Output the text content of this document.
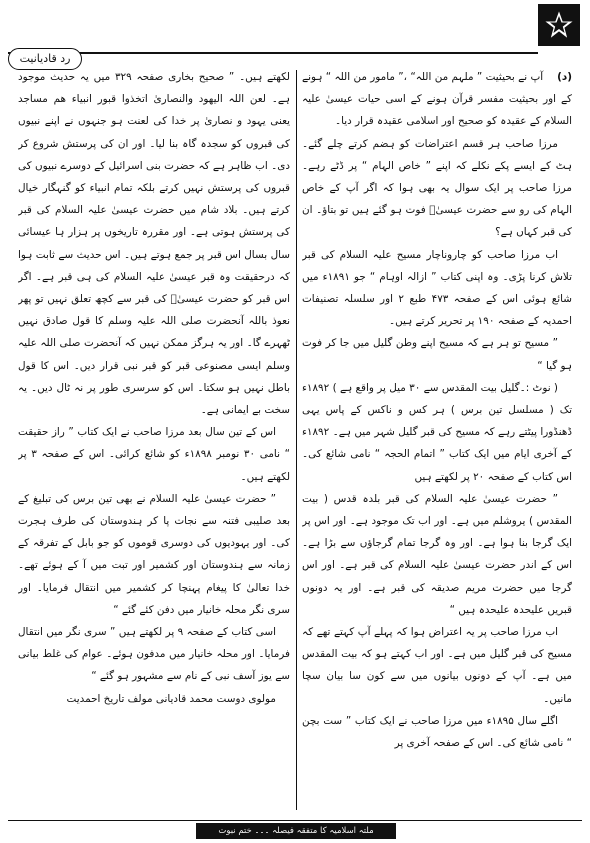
رد قادیانیت

(د)آپ نے بحیثیت ” ملہم من اللہ“ ،” مامور من اللہ “ ہونے کے اور بحیثیت مفسر قرآن ہونے کے اسی حیات عیسیٰ علیہ السلام کے عقیدہ کو صحیح اور اسلامی عقیدہ قرار دیا۔

مرزا صاحب ہر قسم اعتراضات کو ہضم کرتے چلے گئے۔ ہٹ کے ایسے پکے نکلے کہ اپنے ” خاص الہام “ پر ڈٹے رہے۔ مرزا صاحب پر ایک سوال یہ بھی ہوا کہ اگر آپ کے خاص الہام کی رو سے حضرت عیسیٰؑ فوت ہو گئے ہیں تو بتاؤ۔ ان کی قبر کہاں ہے؟

اب مرزا صاحب کو چاروناچار مسیح علیہ السلام کی قبر تلاش کرنا پڑی۔ وہ اپنی کتاب ” ازالہ اوہام “ جو ۱۸۹۱ء میں شائع ہوئی اس کے صفحہ ۴۷۳ طبع ۲ اور سلسلہ تصنیفات احمدیہ کے صفحہ ۱۹۰ پر تحریر کرتے ہیں۔

” مسیح تو ہر ہے کہ مسیح اپنے وطن گلیل میں جا کر فوت ہو گیا “

( نوٹ :۔گلیل بیت المقدس سے ۳۰ میل پر واقع ہے ) ۱۸۹۲ء تک ( مسلسل تین برس ) ہر کس و ناکس کے پاس یہی ڈھنڈورا پیٹتے رہے کہ مسیح کی قبر گلیل شہر میں ہے۔ ۱۸۹۲ء کے آخری ایام میں ایک کتاب ” اتمام الحجہ “ نامی شائع کی۔ اس کتاب کے صفحہ ۲۰ پر لکھتے ہیں

” حضرت عیسیٰ علیہ السلام کی قبر بلدہ قدس ( بیت المقدس ) یروشلم میں ہے۔ اور اب تک موجود ہے۔ اور اس پر ایک گرجا بنا ہوا ہے۔ اور وہ گرجا تمام گرجاؤں سے بڑا ہے۔ اس کے اندر حضرت عیسیٰ علیہ السلام کی قبر ہے۔ اور اس گرجا میں حضرت مریم صدیقہ کی قبر ہے۔ اور یہ دونوں قبریں علیحدہ علیحدہ ہیں “

اب مرزا صاحب پر یہ اعتراض ہوا کہ پہلے آپ کہتے تھے کہ مسیح کی قبر گلیل میں ہے۔ اور اب کہتے ہو کہ بیت المقدس میں ہے۔ آپ کے دونوں بیانوں میں سے کون سا بیان سچا مانیں۔

اگلے سال ۱۸۹۵ء میں مرزا صاحب نے ایک کتاب ” ست بچن “ نامی شائع کی۔ اس کے صفحہ آخری پر

لکھتے ہیں۔ ” صحیح بخاری صفحہ ۳۲۹ میں یہ حدیث موجود ہے۔ لعن اللہ الیھود والنصاریٰ اتخذوا قبور انبیاء ھم مساجد یعنی یہود و نصاریٰ پر خدا کی لعنت ہو جنہوں نے اپنے نبیوں کی قبروں کو سجدہ گاہ بنا لیا۔ اور ان کی پرستش شروع کر دی۔ اب ظاہر ہے کہ حضرت بنی اسرائیل کے دوسرے نبیوں کی قبروں کی پرستش نہیں کرتے بلکہ تمام انبیاء کو گنہگار خیال کرتے ہیں۔ بلاد شام میں حضرت عیسیٰ علیہ السلام کی قبر کی پرستش ہوتی ہے۔ اور مقررہ تاریخوں پر ہزار ہا عیسائی سال بسال اس قبر پر جمع ہوتے ہیں۔ اس حدیث سے ثابت ہوا کہ درحقیقت وہ قبر عیسیٰ علیہ السلام کی ہی قبر ہے۔ اگر اس قبر کو حضرت عیسیٰؑ کی قبر سے کچھ تعلق نہیں تو پھر نعوذ باللہ آنحضرت صلی اللہ علیہ وسلم کا قول صادق نہیں ٹھہرے گا۔ اور یہ ہرگز ممکن نہیں کہ آنحضرت صلی اللہ علیہ وسلم ایسی مصنوعی قبر کو قبر نبی قرار دیں۔ اس کا قول باطل نہیں ہو سکتا۔ اس کو سرسری طور پر نہ ٹال دیں۔ یہ سخت بے ایمانی ہے۔

اس کے تین سال بعد مرزا صاحب نے ایک کتاب ” راز حقیقت “ نامی ۳۰ نومبر ۱۸۹۸ء کو شائع کرائی۔ اس کے صفحہ ۳ پر لکھتے ہیں۔

” حضرت عیسیٰ علیہ السلام نے بھی تین برس کی تبلیغ کے بعد صلیبی فتنہ سے نجات پا کر ہندوستان کی طرف ہجرت کی۔ اور یہودیوں کی دوسری قوموں کو جو بابل کے تفرقہ کے زمانہ سے ہندوستان اور کشمیر اور تبت میں آ کے ہوئے تھے۔ خدا تعالیٰ کا پیغام پہنچا کر کشمیر میں انتقال فرمایا۔ اور سری نگر محلہ خانیار میں دفن کئے گئے “

اسی کتاب کے صفحہ ۹ پر لکھتے ہیں ” سری نگر میں انتقال فرمایا۔ اور محلہ خانیار میں مدفون ہوئے۔ عوام کی غلط بیانی سے یوز آسف نبی کے نام سے مشہور ہو گئے “

مولوی دوست محمد قادیانی مولف تاریخ احمدیت

ملتہ اسلامیہ کا متفقہ فیصلہ ۔۔۔ ختم نبوت
